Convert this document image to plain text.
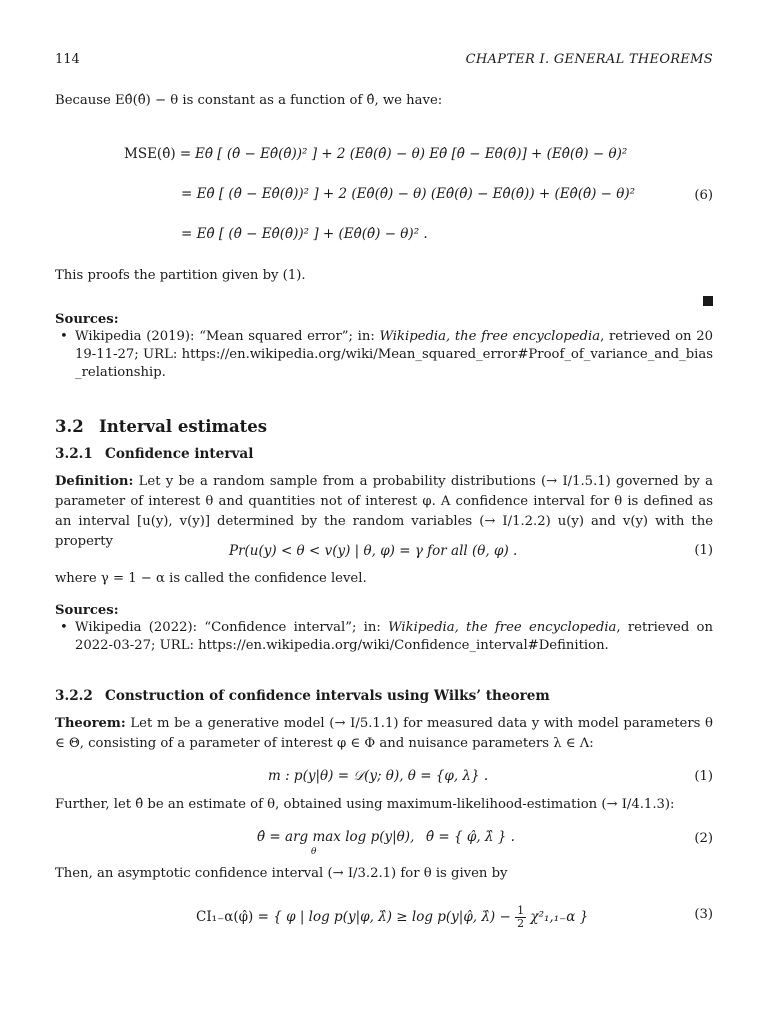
114	CHAPTER I. GENERAL THEOREMS
Because Eθ̂(θ̂) − θ is constant as a function of θ̂, we have:
MSE(θ̂) = Eθ̂ [ (θ̂ − Eθ̂(θ̂))² ] + 2 (Eθ̂(θ̂) − θ) Eθ̂ [θ̂ − Eθ̂(θ̂)] + (Eθ̂(θ̂) − θ)²
= Eθ̂ [ (θ̂ − Eθ̂(θ̂))² ] + 2 (Eθ̂(θ̂) − θ) (Eθ̂(θ̂) − Eθ̂(θ̂)) + (Eθ̂(θ̂) − θ)²	(6)
= Eθ̂ [ (θ̂ − Eθ̂(θ̂))² ] + (Eθ̂(θ̂) − θ)² .
This proofs the partition given by (1).
Sources:
• Wikipedia (2019): “Mean squared error”; in: Wikipedia, the free encyclopedia, retrieved on 2019-11-27; URL: https://en.wikipedia.org/wiki/Mean_squared_error#Proof_of_variance_and_bias_relationship.
3.2 Interval estimates
3.2.1 Confidence interval
Definition: Let y be a random sample from a probability distributions (→ I/1.5.1) governed by a parameter of interest θ and quantities not of interest φ. A confidence interval for θ is defined as an interval [u(y), v(y)] determined by the random variables (→ I/1.2.2) u(y) and v(y) with the property
Pr(u(y) < θ < v(y) | θ, φ) = γ for all (θ, φ) .	(1)
where γ = 1 − α is called the confidence level.
Sources:
• Wikipedia (2022): “Confidence interval”; in: Wikipedia, the free encyclopedia, retrieved on 2022-03-27; URL: https://en.wikipedia.org/wiki/Confidence_interval#Definition.
3.2.2 Construction of confidence intervals using Wilks’ theorem
Theorem: Let m be a generative model (→ I/5.1.1) for measured data y with model parameters θ ∈ Θ, consisting of a parameter of interest φ ∈ Φ and nuisance parameters λ ∈ Λ:
m : p(y|θ) = 𝒟(y; θ), θ = {φ, λ} .	(1)
Further, let θ̂ be an estimate of θ, obtained using maximum-likelihood-estimation (→ I/4.1.3):
θ̂ = arg max log p(y|θ),
θ
θ̂ = { φ̂, λ̂ } .	(2)
Then, an asymptotic confidence interval (→ I/3.2.1) for θ is given by
CI₁₋α(φ̂) = { φ | log p(y|φ, λ̂) ≥ log p(y|φ̂, λ̂) − $\frac{1}{2} \chi^2_1,_{1-}\alpha$ }	(3)
